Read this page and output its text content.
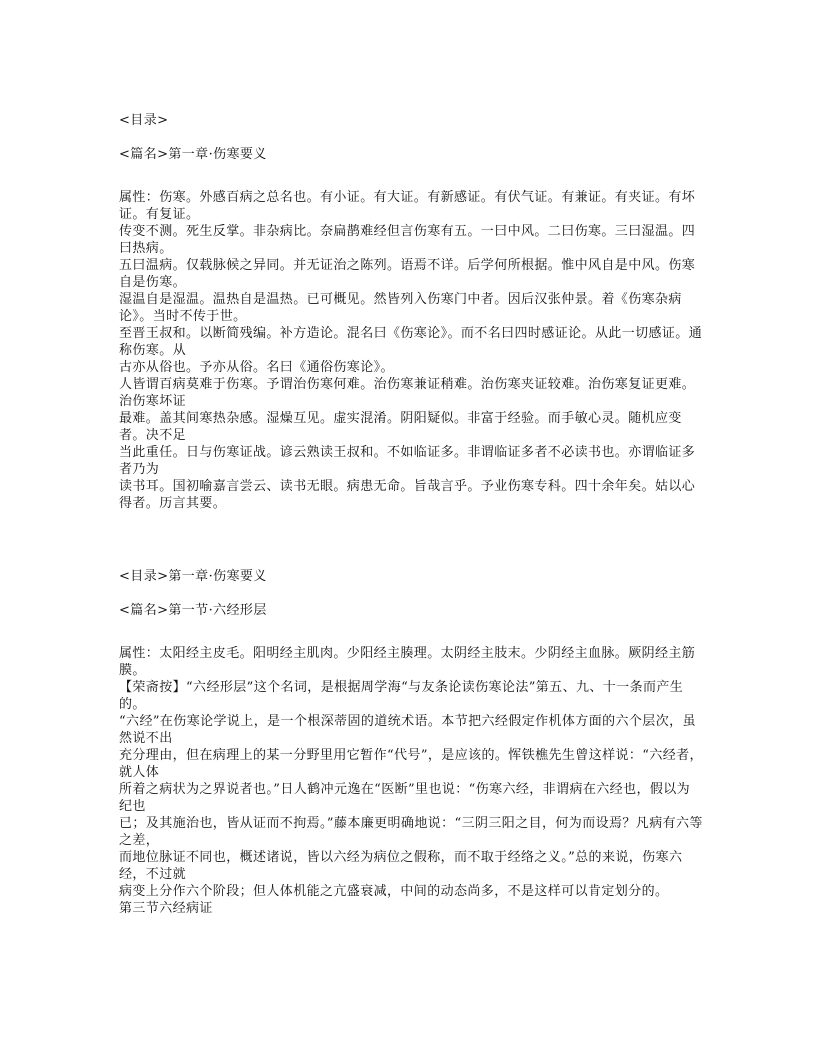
<目录>

<篇名>第一章·伤寒要义

属性：伤寒。外感百病之总名也。有小证。有大证。有新感证。有伏气证。有兼证。有夹证。有坏证。有复证。

传变不测。死生反掌。非杂病比。奈扁鹊难经但言伤寒有五。一曰中风。二曰伤寒。三曰湿温。四曰热病。

五曰温病。仅载脉候之异同。并无证治之陈列。语焉不详。后学何所根据。惟中风自是中风。伤寒自是伤寒。

湿温自是湿温。温热自是温热。已可概见。然皆列入伤寒门中者。因后汉张仲景。着《伤寒杂病论》。当时不传于世。

至晋王叔和。以断简残编。补方造论。混名曰《伤寒论》。而不名曰四时感证论。从此一切感证。通称伤寒。从

古亦从俗也。予亦从俗。名曰《通俗伤寒论》。

人皆谓百病莫难于伤寒。予谓治伤寒何难。治伤寒兼证稍难。治伤寒夹证较难。治伤寒复证更难。治伤寒坏证

最难。盖其间寒热杂感。湿燥互见。虚实混淆。阴阳疑似。非富于经验。而手敏心灵。随机应变者。决不足

当此重任。日与伤寒证战。谚云熟读王叔和。不如临证多。非谓临证多者不必读书也。亦谓临证多者乃为

读书耳。国初喻嘉言尝云、读书无眼。病患无命。旨哉言乎。予业伤寒专科。四十余年矣。姑以心得者。历言其要。

<目录>第一章·伤寒要义

<篇名>第一节·六经形层

属性：太阳经主皮毛。阳明经主肌肉。少阳经主腠理。太阴经主肢末。少阴经主血脉。厥阴经主筋膜。

【荣斋按】“六经形层”这个名词，是根据周学海“与友条论读伤寒论法”第五、九、十一条而产生的。

“六经”在伤寒论学说上，是一个根深蒂固的道统术语。本节把六经假定作机体方面的六个层次，虽然说不出

充分理由，但在病理上的某一分野里用它暂作“代号”，是应该的。恽铁樵先生曾这样说：“六经者，就人体

所着之病状为之界说者也。”日人鹤冲元逸在“医断”里也说：“伤寒六经，非谓病在六经也，假以为纪也

已；及其施治也，皆从证而不拘焉。”藤本廉更明确地说：“三阴三阳之目，何为而设焉？凡病有六等之差，

而地位脉证不同也，概述诸说，皆以六经为病位之假称，而不取于经络之义。”总的来说，伤寒六经，不过就

病变上分作六个阶段；但人体机能之亢盛衰减，中间的动态尚多，不是这样可以肯定划分的。

第三节六经病证
